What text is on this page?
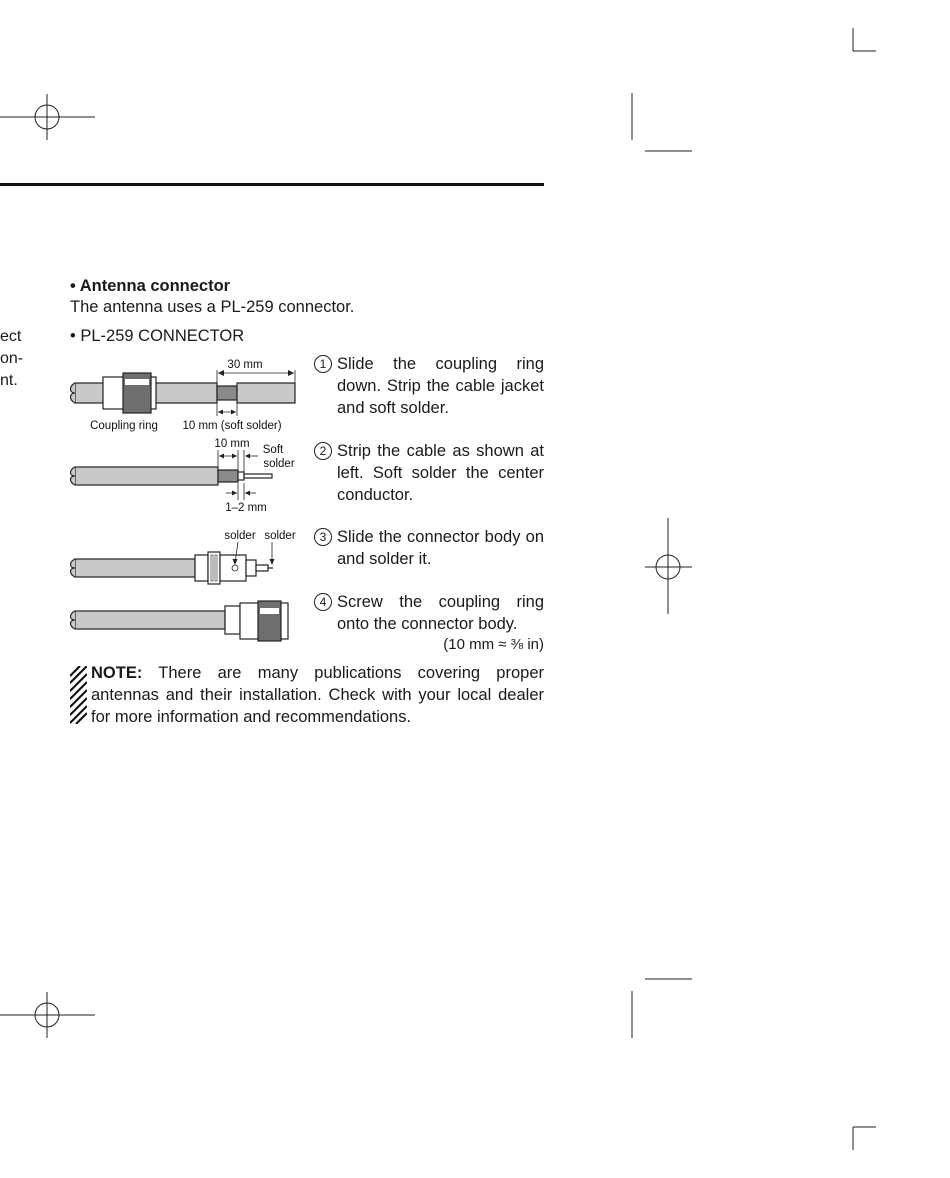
ect
on-
nt.
• Antenna connector
The antenna uses a PL-259 connector.
• PL-259 CONNECTOR
30 mm
Coupling ring 10 mm (soft solder)
10 mm Soft
solder
1–2 mm
solder solder
1 Slide the coupling ring down. Strip the cable jacket and soft solder.
2 Strip the cable as shown at left. Soft solder the center conductor.
3 Slide the connector body on and solder it.
4 Screw the coupling ring onto the connector body.
(10 mm ≈ ⅜ in)
NOTE: There are many publications covering proper antennas and their installation. Check with your local dealer for more information and recommendations.
